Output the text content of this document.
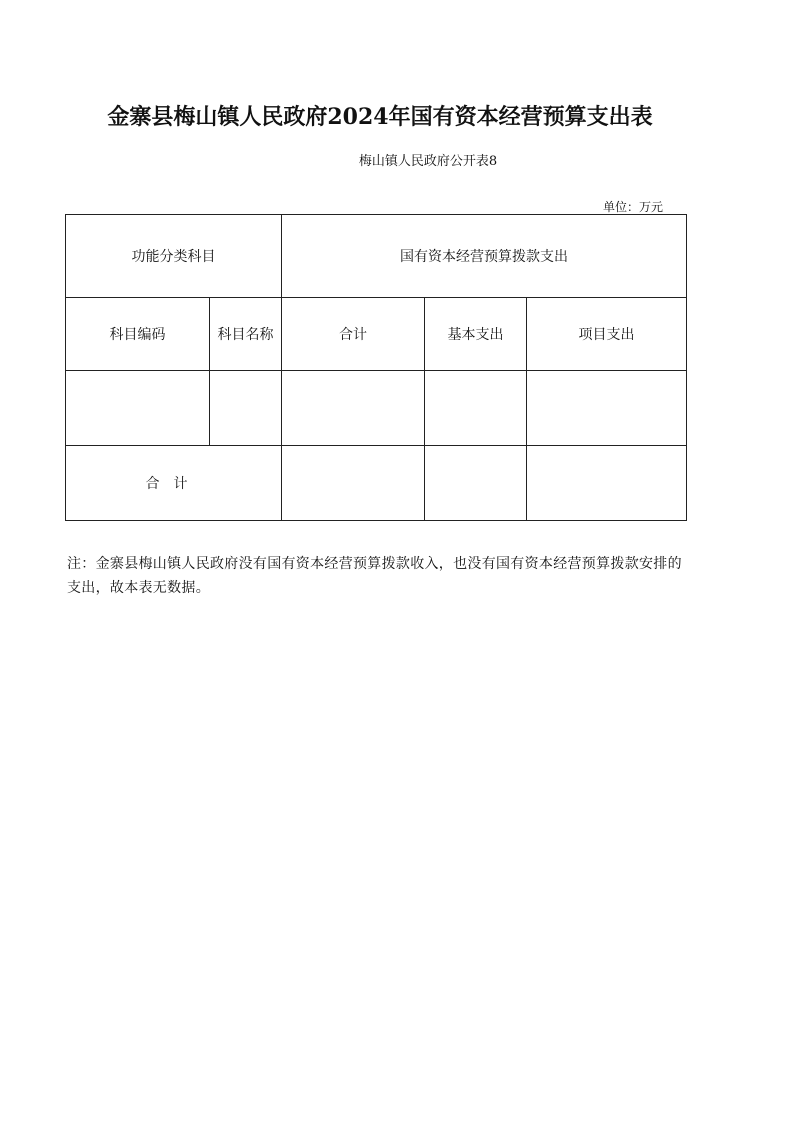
金寨县梅山镇人民政府2024年国有资本经营预算支出表
梅山镇人民政府公开表8
单位：万元
功能分类科目		国有资本经营预算拨款支出		
科目编码	科目名称	合计	基本支出	项目支出

合计				
注：金寨县梅山镇人民政府没有国有资本经营预算拨款收入，也没有国有资本经营预算拨款安排的支出，故本表无数据。
